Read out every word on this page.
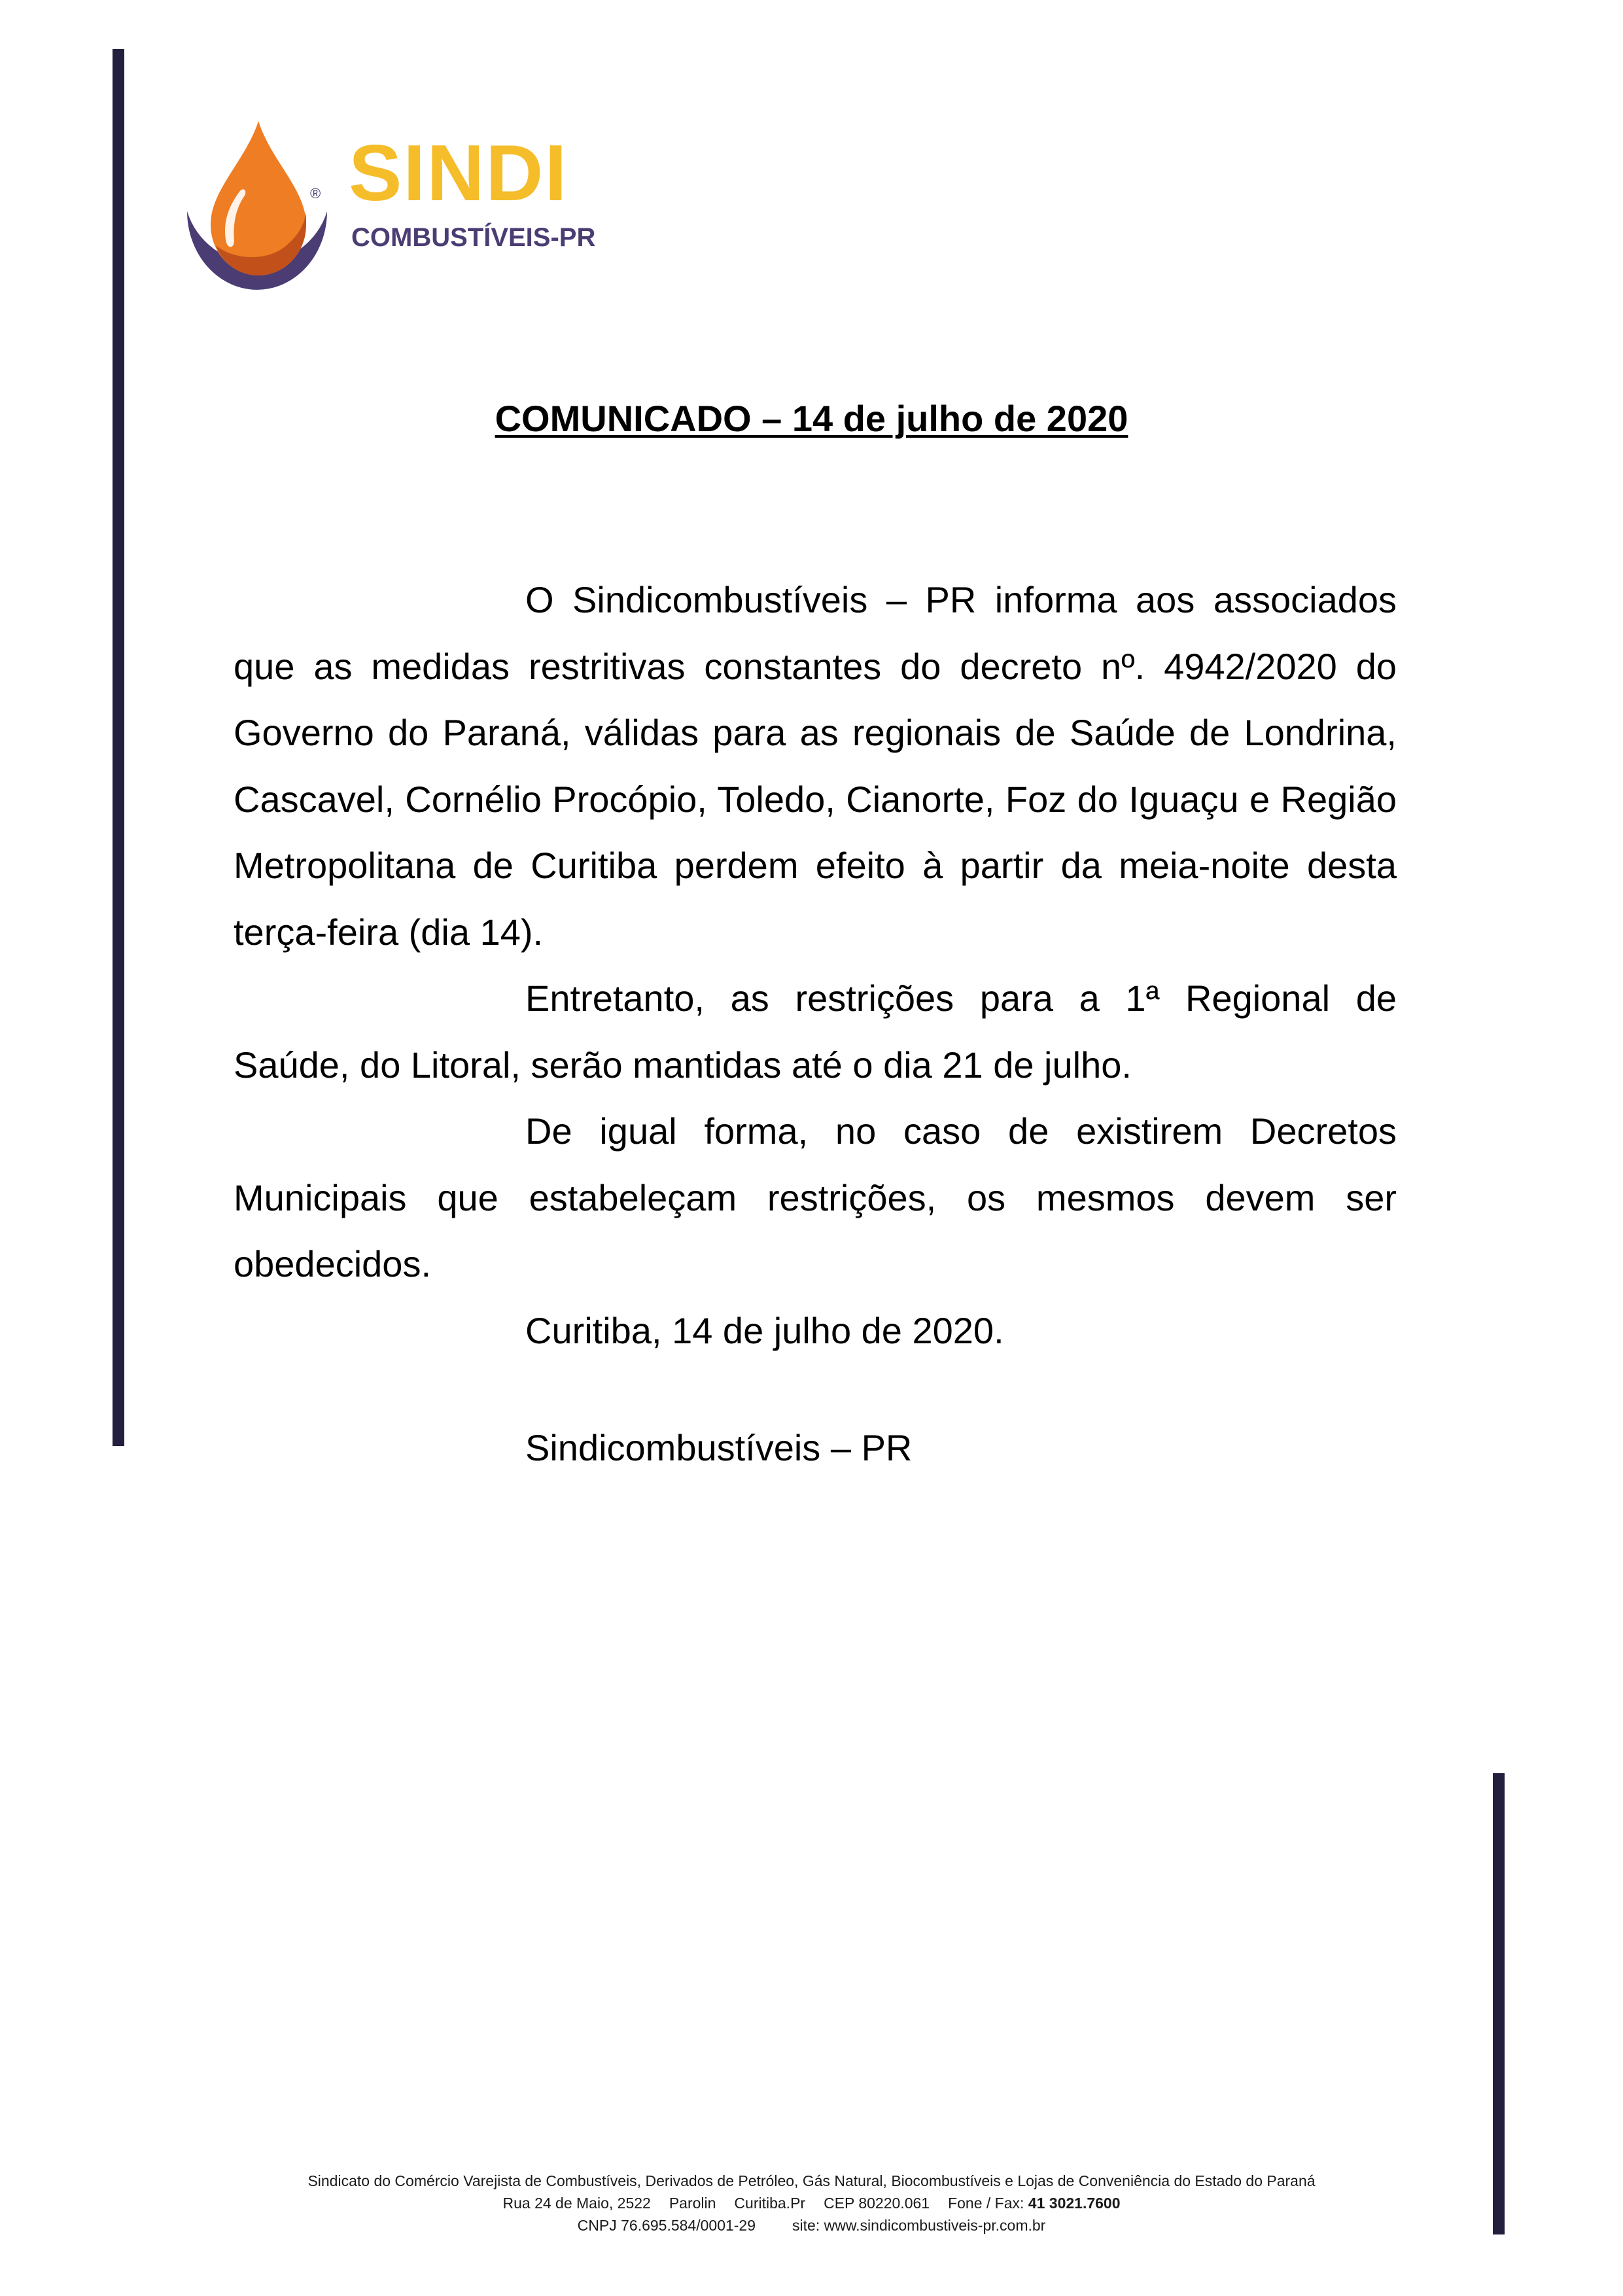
® SINDI
COMBUSTÍVEIS-PR
COMUNICADO – 14 de julho de 2020

O Sindicombustíveis – PR informa aos associados que as medidas restritivas constantes do decreto nº. 4942/2020 do Governo do Paraná, válidas para as regionais de Saúde de Londrina, Cascavel, Cornélio Procópio, Toledo, Cianorte, Foz do Iguaçu e Região Metropolitana de Curitiba perdem efeito à partir da meia-noite desta terça-feira (dia 14).

Entretanto, as restrições para a 1ª Regional de Saúde, do Litoral, serão mantidas até o dia 21 de julho.

De igual forma, no caso de existirem Decretos Municipais que estabeleçam restrições, os mesmos devem ser obedecidos.

Curitiba, 14 de julho de 2020.

Sindicombustíveis – PR
Sindicato do Comércio Varejista de Combustíveis, Derivados de Petróleo, Gás Natural, Biocombustíveis e Lojas de Conveniência do Estado do Paraná
Rua 24 de Maio, 2522 Parolin Curitiba.Pr CEP 80220.061 Fone / Fax: 41 3021.7600
CNPJ 76.695.584/0001-29 site: www.sindicombustiveis-pr.com.br
